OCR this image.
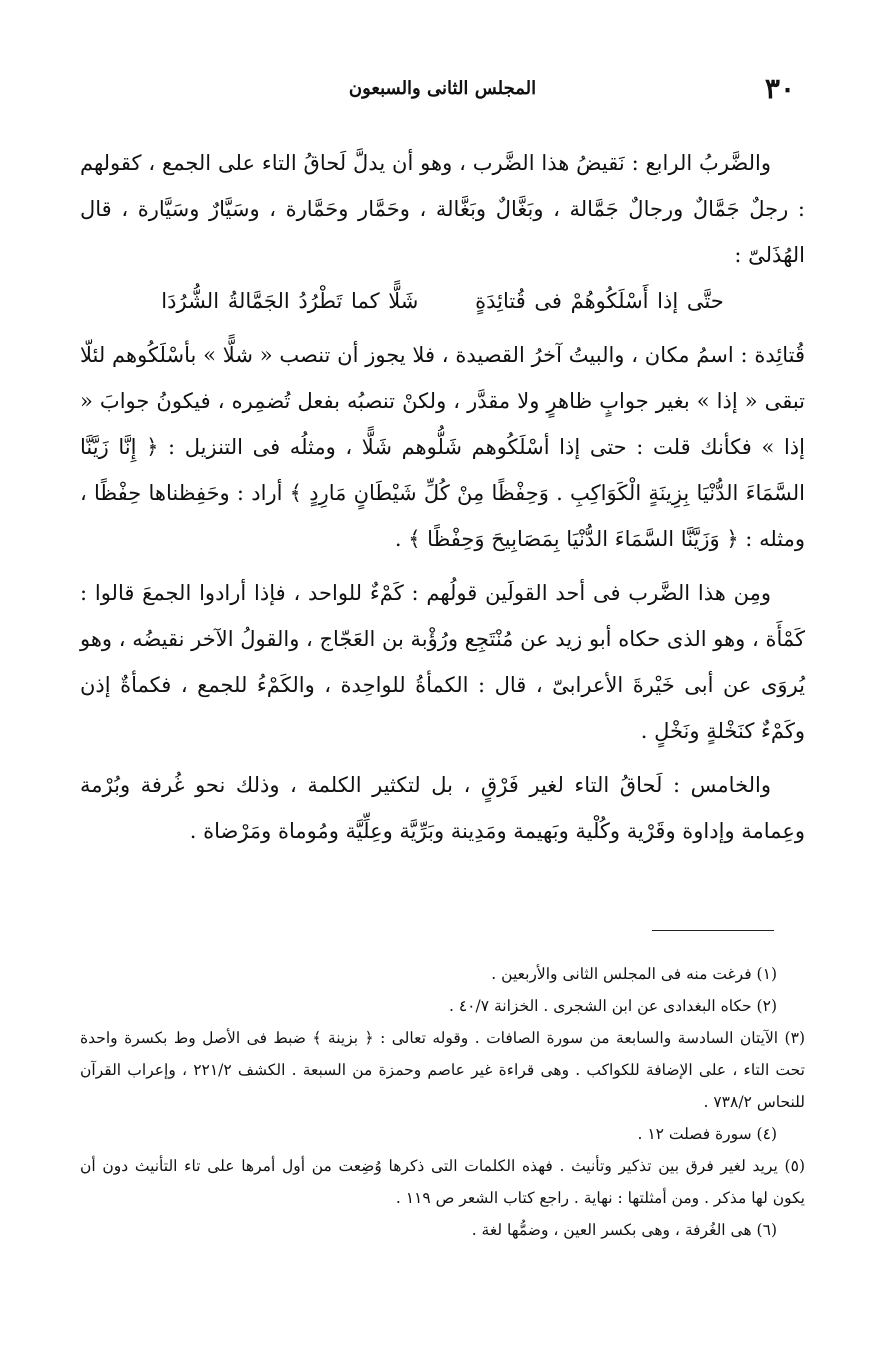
٣٠
المجلس الثانى والسبعون

والضَّربُ الرابع : نَقيضُ هذا الضَّرب ، وهو أن يدلَّ لَحاقُ التاء على الجمع ، كقولهم : رجلٌ جَمَّالٌ ورجالٌ جَمَّالة ، وبَغَّالٌ وبَغَّالة ، وحَمَّار وحَمَّارة ، وسَيَّارٌ وسَيَّارة ، قال الهُذَلىّ :

حتَّى إذا أَسْلَكُوهُمْ فى قُتائِدَةٍ شَلًّا كما تَطْرُدُ الجَمَّالةُ الشُّرُدَا

قُتائِدة : اسمُ مكان ، والبيتُ آخرُ القصيدة ، فلا يجوز أن تنصب « شلًّا » بأسْلَكُوهم لئلّا تبقى « إذا » بغير جوابٍ ظاهرٍ ولا مقدَّر ، ولكنْ تنصبُه بفعل تُضمِره ، فيكونُ جوابَ « إذا » فكأنك قلت : حتى إذا أسْلَكُوهم شَلُّوهم شَلًّا ، ومثلُه فى التنزيل : ﴿ إِنَّا زَيَّنَّا السَّمَاءَ الدُّنْيَا بِزِينَةٍ الْكَوَاكِبِ . وَحِفْظًا مِنْ كُلِّ شَيْطَانٍ مَارِدٍ ﴾ أراد : وحَفِظناها حِفْظًا ، ومثله : ﴿ وَزَيَّنَّا السَّمَاءَ الدُّنْيَا بِمَصَابِيحَ وَحِفْظًا ﴾ .

ومِن هذا الضَّرب فى أحد القولَين قولُهم : كَمْءٌ للواحد ، فإذا أرادوا الجمعَ قالوا : كَمْأَة ، وهو الذى حكاه أبو زيد عن مُنْتَجِع ورُؤْبة بن العَجّاج ، والقولُ الآخر نقيضُه ، وهو يُروَى عن أبى خَيْرةَ الأعرابىّ ، قال : الكمأةُ للواحِدة ، والكَمْءُ للجمع ، فكمأةٌ إذن وكَمْءٌ كنَخْلةٍ ونَخْلٍ .

والخامس : لَحاقُ التاء لغير فَرْقٍ ، بل لتكثير الكلمة ، وذلك نحو غُرفة وبُرْمة وعِمامة وإداوة وقَرْية وكُلْية وبَهيمة ومَدِينة وبَرِّيَّة وعِلِّيَّة ومُوماة ومَرْضاة .

(١) فرغت منه فى المجلس الثانى والأربعين .

(٢) حكاه البغدادى عن ابن الشجرى . الخزانة ٤٠/٧ .

(٣) الآيتان السادسة والسابعة من سورة الصافات . وقوله تعالى : ﴿ بزينة ﴾ ضبط فى الأصل وط بكسرة واحدة تحت التاء ، على الإضافة للكواكب . وهى قراءة غير عاصم وحمزة من السبعة . الكشف ٢٢١/٢ ، وإعراب القرآن للنحاس ٧٣٨/٢ .

(٤) سورة فصلت ١٢ .

(٥) يريد لغير فرق بين تذكير وتأنيث . فهذه الكلمات التى ذكرها وُضِعت من أول أمرها على تاء التأنيث دون أن يكون لها مذكر . ومن أمثلتها : نهاية . راجع كتاب الشعر ص ١١٩ .

(٦) هى الغُرفة ، وهى بكسر العين ، وضمُّها لغة .
